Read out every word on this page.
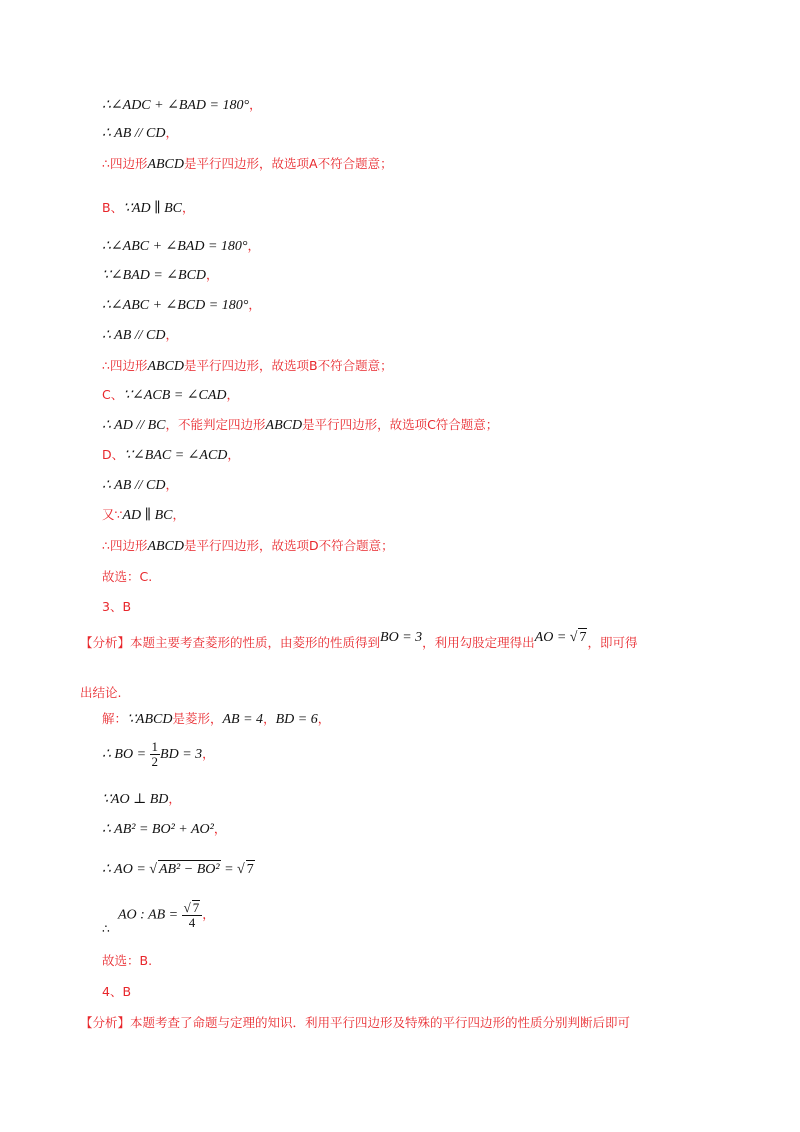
∴∠ADC + ∠BAD = 180°，
∴ AB // CD，
∴四边形ABCD是平行四边形，故选项A不符合题意；
B、∵AD ∥ BC，
∴∠ABC + ∠BAD = 180°，
∵∠BAD = ∠BCD，
∴∠ABC + ∠BCD = 180°，
∴ AB // CD，
∴四边形ABCD是平行四边形，故选项B不符合题意；
C、∵∠ACB = ∠CAD，
∴ AD // BC，不能判定四边形ABCD是平行四边形，故选项C符合题意；
D、∵∠BAC = ∠ACD，
∴ AB // CD，
又∵AD ∥ BC，
∴四边形ABCD是平行四边形，故选项D不符合题意；
故选：C.
3、B
【分析】本题主要考查菱形的性质，由菱形的性质得到BO = 3，利用勾股定理得出AO = √ 7，即可得
出结论.
解：∵ABCD是菱形，AB = 4，BD = 6，
∴ BO = $\frac{1}{2}$ BD = 3，
∵AO ⊥ BD，
∴ AB² = BO² + AO²，
∴ AO = √ AB² − BO² = √ 7
AO : AB = $\frac{√ 7}{4}$ ，
∴
故选：B.
4、B
【分析】本题考查了命题与定理的知识．利用平行四边形及特殊的平行四边形的性质分别判断后即可
